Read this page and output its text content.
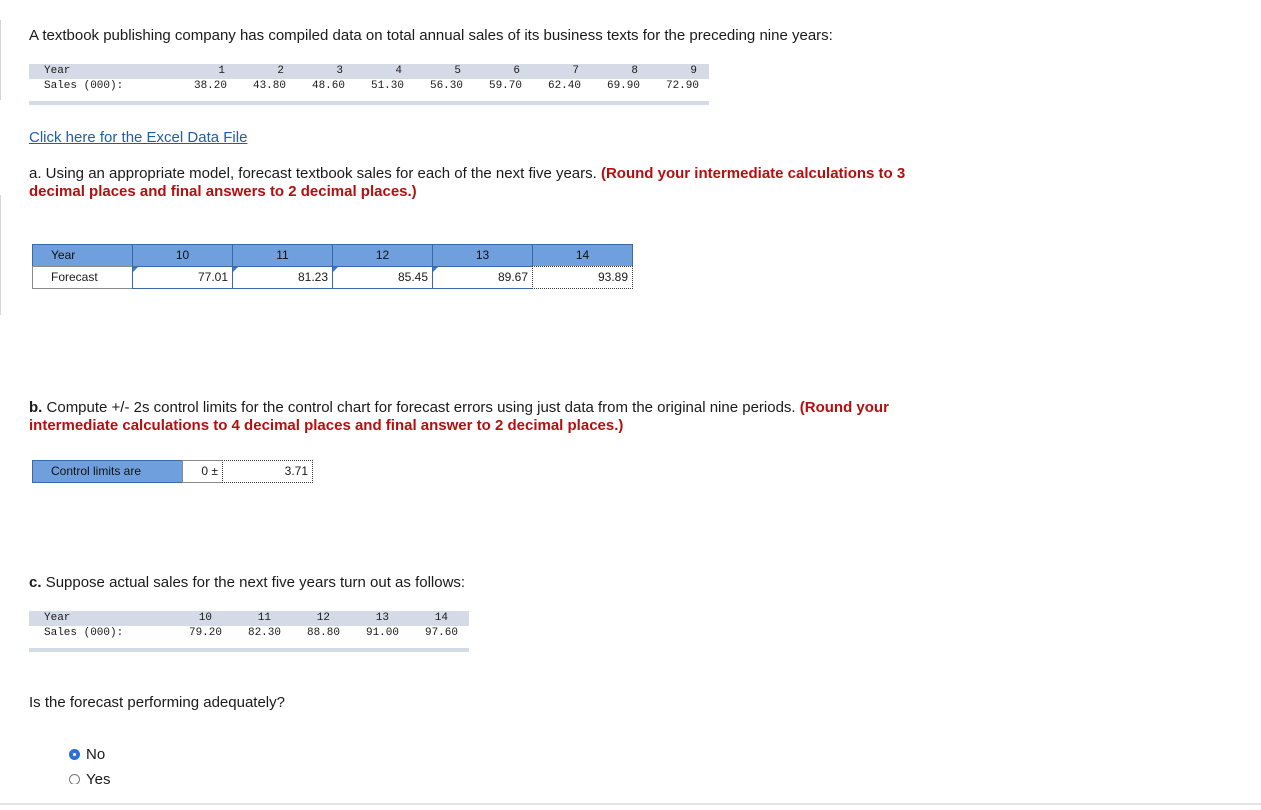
A textbook publishing company has compiled data on total annual sales of its business texts for the preceding nine years:
Year	1	2	3	4	5	6	7	8	9
Sales (000):	38.20	43.80	48.60	51.30	56.30	59.70	62.40	69.90	72.90
Click here for the Excel Data File
a. Using an appropriate model, forecast textbook sales for each of the next five years. (Round your intermediate calculations to 3 decimal places and final answers to 2 decimal places.)
Year	10	11	12	13	14
Forecast	77.01	81.23	85.45	89.67	93.89
b. Compute +/- 2s control limits for the control chart for forecast errors using just data from the original nine periods. (Round your intermediate calculations to 4 decimal places and final answer to 2 decimal places.)
Control limits are	0 ±	3.71
c. Suppose actual sales for the next five years turn out as follows:
Year	10	11	12	13	14
Sales (000):	79.20	82.30	88.80	91.00	97.60
Is the forecast performing adequately?
No
Yes
